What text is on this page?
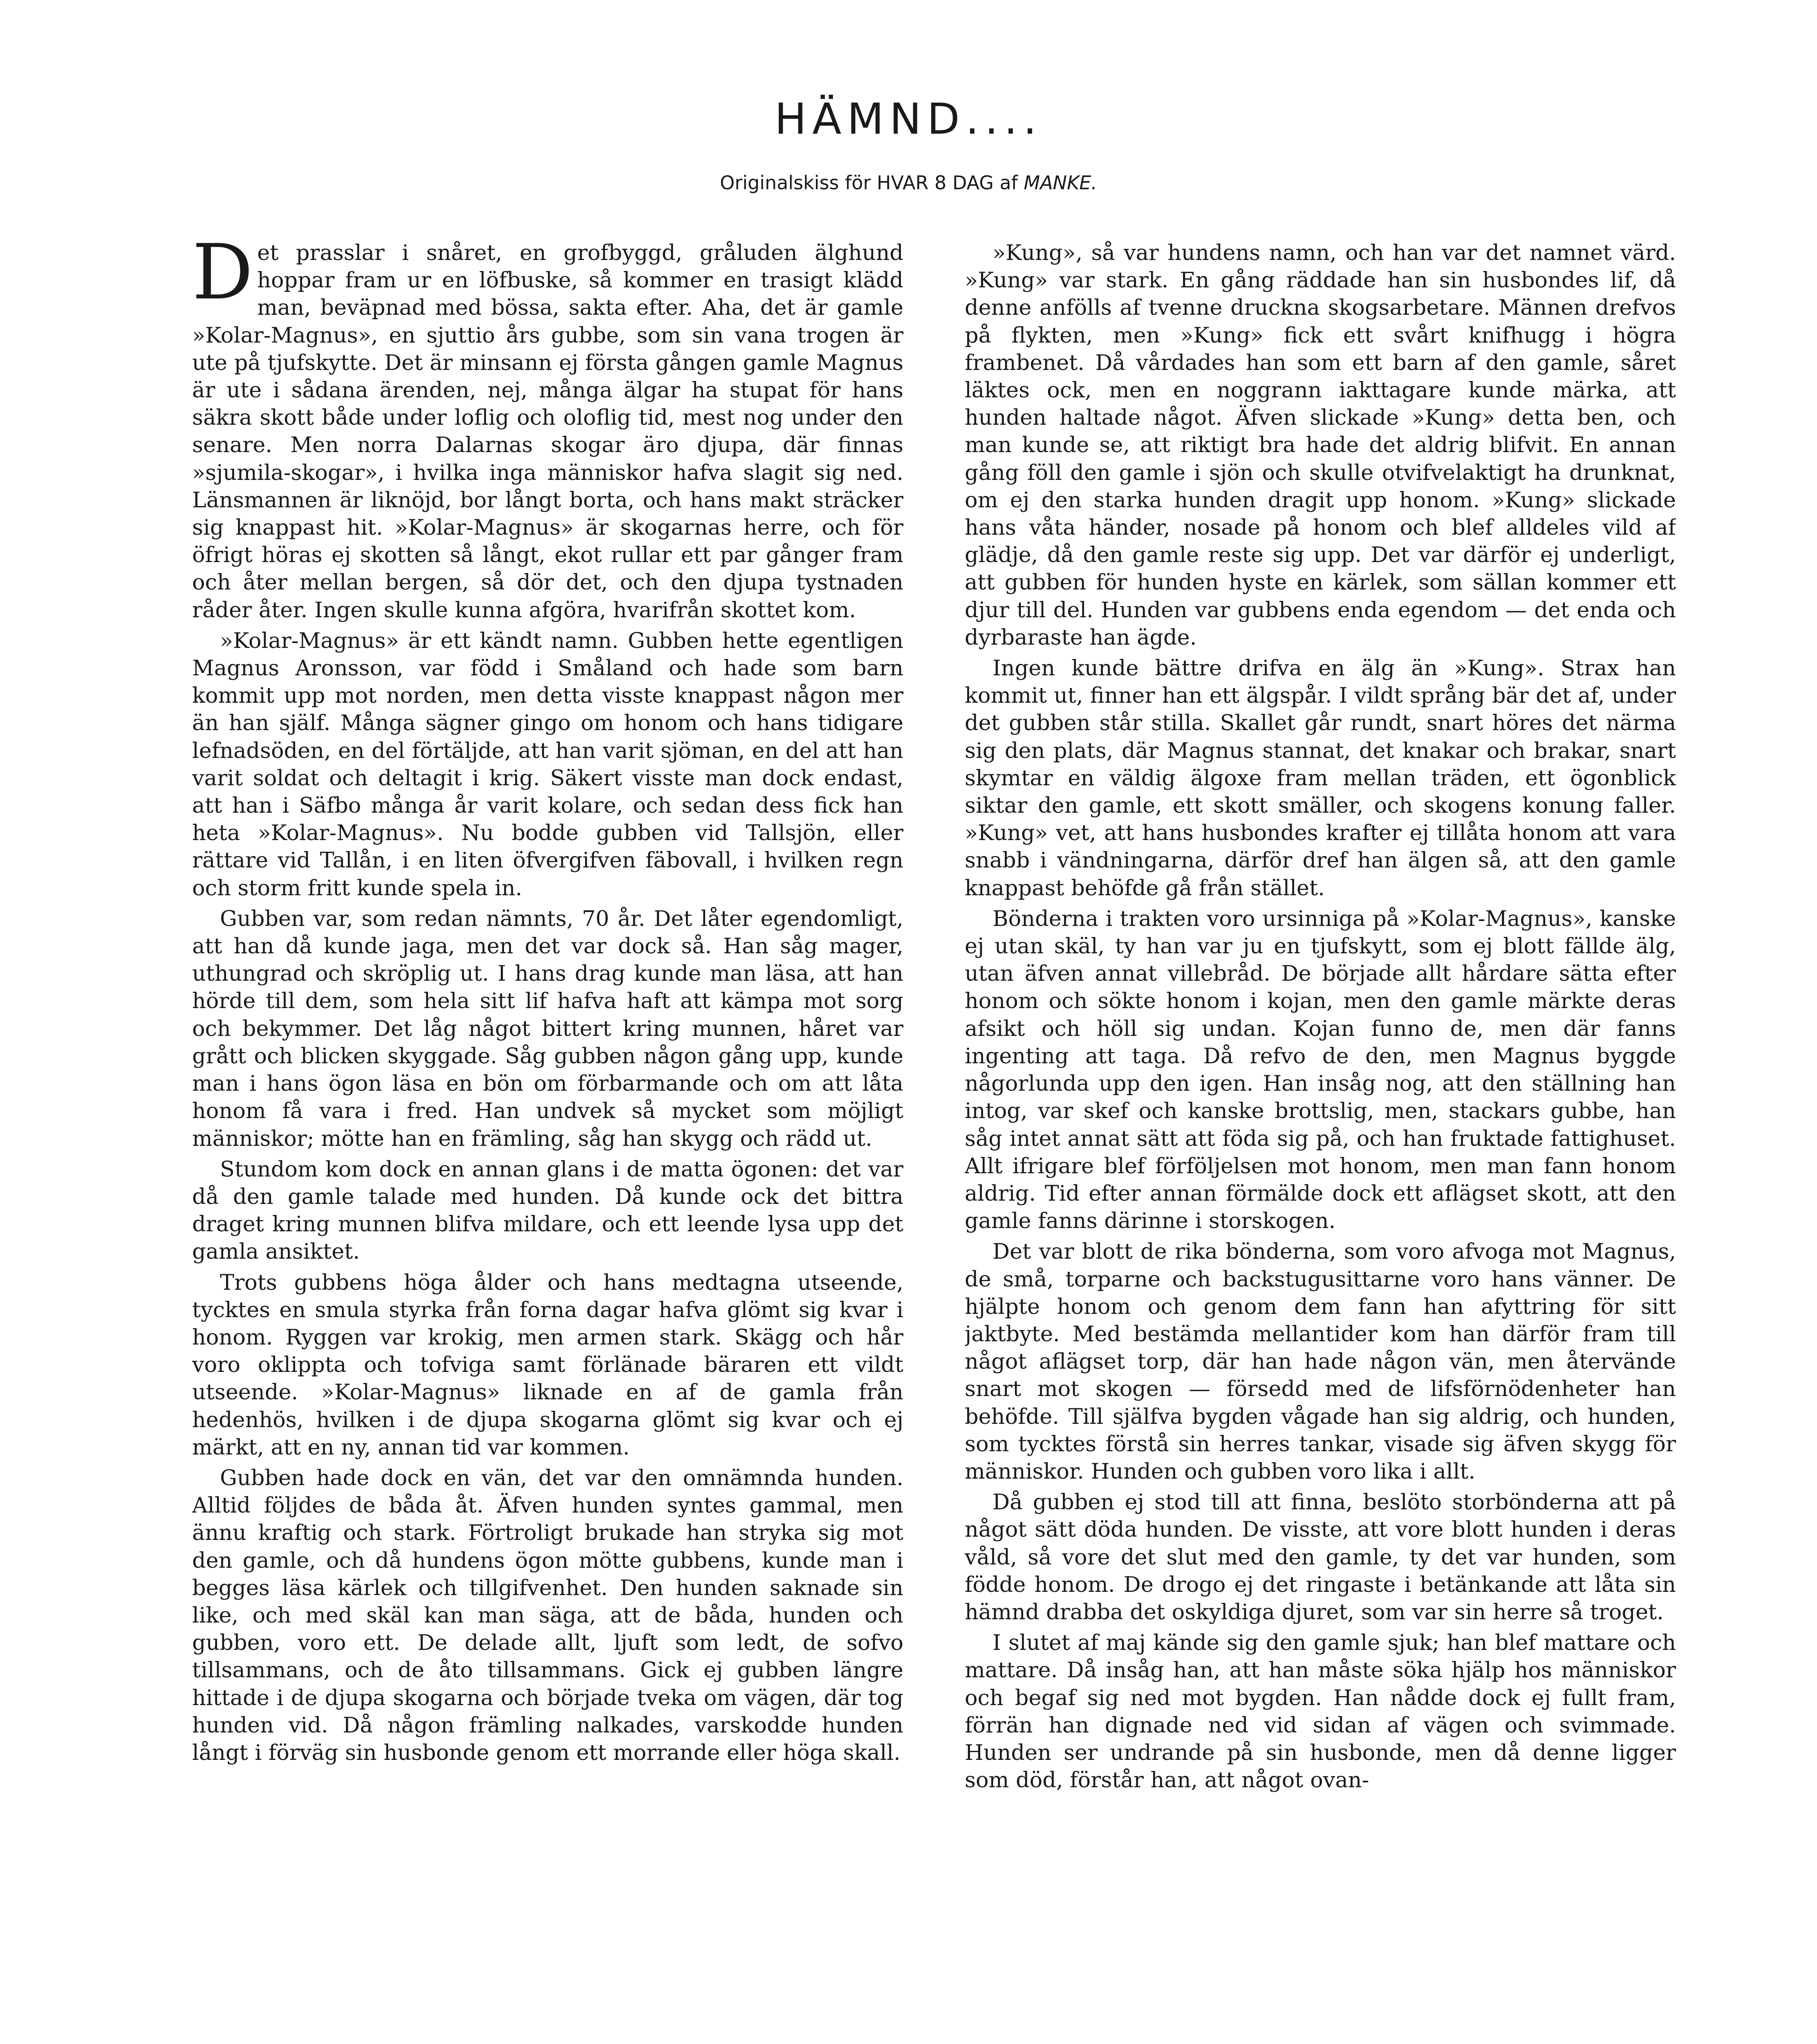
HÄMND....
Originalskiss för HVAR 8 DAG af MANKE.

Det prasslar i snåret, en grofbyggd, gråluden älghund hoppar fram ur en löfbuske, så kommer en trasigt klädd man, beväpnad med bössa, sakta efter. Aha, det är gamle »Kolar-Magnus», en sjuttio års gubbe, som sin vana trogen är ute på tjufskytte. Det är minsann ej första gången gamle Magnus är ute i sådana ärenden, nej, många älgar ha stupat för hans säkra skott både under loflig och oloflig tid, mest nog under den senare. Men norra Dalarnas skogar äro djupa, där finnas »sjumila-skogar», i hvilka inga människor hafva slagit sig ned. Länsmannen är liknöjd, bor långt borta, och hans makt sträcker sig knappast hit. »Kolar-Magnus» är skogarnas herre, och för öfrigt höras ej skotten så långt, ekot rullar ett par gånger fram och åter mellan bergen, så dör det, och den djupa tystnaden råder åter. Ingen skulle kunna afgöra, hvarifrån skottet kom.

»Kolar-Magnus» är ett kändt namn. Gubben hette egentligen Magnus Aronsson, var född i Småland och hade som barn kommit upp mot norden, men detta visste knappast någon mer än han själf. Många sägner gingo om honom och hans tidigare lefnadsöden, en del förtäljde, att han varit sjöman, en del att han varit soldat och deltagit i krig. Säkert visste man dock endast, att han i Säfbo många år varit kolare, och sedan dess fick han heta »Kolar-Magnus». Nu bodde gubben vid Tallsjön, eller rättare vid Tallån, i en liten öfvergifven fäbovall, i hvilken regn och storm fritt kunde spela in.

Gubben var, som redan nämnts, 70 år. Det låter egendomligt, att han då kunde jaga, men det var dock så. Han såg mager, uthungrad och skröplig ut. I hans drag kunde man läsa, att han hörde till dem, som hela sitt lif hafva haft att kämpa mot sorg och bekymmer. Det låg något bittert kring munnen, håret var grått och blicken skyggade. Såg gubben någon gång upp, kunde man i hans ögon läsa en bön om förbarmande och om att låta honom få vara i fred. Han undvek så mycket som möjligt människor; mötte han en främling, såg han skygg och rädd ut.

Stundom kom dock en annan glans i de matta ögonen: det var då den gamle talade med hunden. Då kunde ock det bittra draget kring munnen blifva mildare, och ett leende lysa upp det gamla ansiktet.

Trots gubbens höga ålder och hans medtagna utseende, tycktes en smula styrka från forna dagar hafva glömt sig kvar i honom. Ryggen var krokig, men armen stark. Skägg och hår voro oklippta och tofviga samt förlänade bäraren ett vildt utseende. »Kolar-Magnus» liknade en af de gamla från hedenhös, hvilken i de djupa skogarna glömt sig kvar och ej märkt, att en ny, annan tid var kommen.

Gubben hade dock en vän, det var den omnämnda hunden. Alltid följdes de båda åt. Äfven hunden syntes gammal, men ännu kraftig och stark. Förtroligt brukade han stryka sig mot den gamle, och då hundens ögon mötte gubbens, kunde man i begges läsa kärlek och tillgifvenhet. Den hunden saknade sin like, och med skäl kan man säga, att de båda, hunden och gubben, voro ett. De delade allt, ljuft som ledt, de sofvo tillsammans, och de åto tillsammans. Gick ej gubben längre hittade i de djupa skogarna och började tveka om vägen, där tog hunden vid. Då någon främling nalkades, varskodde hunden långt i förväg sin husbonde genom ett morrande eller höga skall.

»Kung», så var hundens namn, och han var det namnet värd. »Kung» var stark. En gång räddade han sin husbondes lif, då denne anfölls af tvenne druckna skogsarbetare. Männen drefvos på flykten, men »Kung» fick ett svårt knifhugg i högra frambenet. Då vårdades han som ett barn af den gamle, såret läktes ock, men en noggrann iakttagare kunde märka, att hunden haltade något. Äfven slickade »Kung» detta ben, och man kunde se, att riktigt bra hade det aldrig blifvit. En annan gång föll den gamle i sjön och skulle otvifvelaktigt ha drunknat, om ej den starka hunden dragit upp honom. »Kung» slickade hans våta händer, nosade på honom och blef alldeles vild af glädje, då den gamle reste sig upp. Det var därför ej underligt, att gubben för hunden hyste en kärlek, som sällan kommer ett djur till del. Hunden var gubbens enda egendom — det enda och dyrbaraste han ägde.

Ingen kunde bättre drifva en älg än »Kung». Strax han kommit ut, finner han ett älgspår. I vildt språng bär det af, under det gubben står stilla. Skallet går rundt, snart höres det närma sig den plats, där Magnus stannat, det knakar och brakar, snart skymtar en väldig älgoxe fram mellan träden, ett ögonblick siktar den gamle, ett skott smäller, och skogens konung faller. »Kung» vet, att hans husbondes krafter ej tillåta honom att vara snabb i vändningarna, därför dref han älgen så, att den gamle knappast behöfde gå från stället.

Bönderna i trakten voro ursinniga på »Kolar-Magnus», kanske ej utan skäl, ty han var ju en tjufskytt, som ej blott fällde älg, utan äfven annat villebråd. De började allt hårdare sätta efter honom och sökte honom i kojan, men den gamle märkte deras afsikt och höll sig undan. Kojan funno de, men där fanns ingenting att taga. Då refvo de den, men Magnus byggde någorlunda upp den igen. Han insåg nog, att den ställning han intog, var skef och kanske brottslig, men, stackars gubbe, han såg intet annat sätt att föda sig på, och han fruktade fattighuset. Allt ifrigare blef förföljelsen mot honom, men man fann honom aldrig. Tid efter annan förmälde dock ett aflägset skott, att den gamle fanns därinne i storskogen.

Det var blott de rika bönderna, som voro afvoga mot Magnus, de små, torparne och backstugusittarne voro hans vänner. De hjälpte honom och genom dem fann han afyttring för sitt jaktbyte. Med bestämda mellantider kom han därför fram till något aflägset torp, där han hade någon vän, men återvände snart mot skogen — försedd med de lifsförnödenheter han behöfde. Till själfva bygden vågade han sig aldrig, och hunden, som tycktes förstå sin herres tankar, visade sig äfven skygg för människor. Hunden och gubben voro lika i allt.

Då gubben ej stod till att finna, beslöto storbönderna att på något sätt döda hunden. De visste, att vore blott hunden i deras våld, så vore det slut med den gamle, ty det var hunden, som födde honom. De drogo ej det ringaste i betänkande att låta sin hämnd drabba det oskyldiga djuret, som var sin herre så troget.

I slutet af maj kände sig den gamle sjuk; han blef mattare och mattare. Då insåg han, att han måste söka hjälp hos människor och begaf sig ned mot bygden. Han nådde dock ej fullt fram, förrän han dignade ned vid sidan af vägen och svimmade. Hunden ser undrande på sin husbonde, men då denne ligger som död, förstår han, att något ovan-
